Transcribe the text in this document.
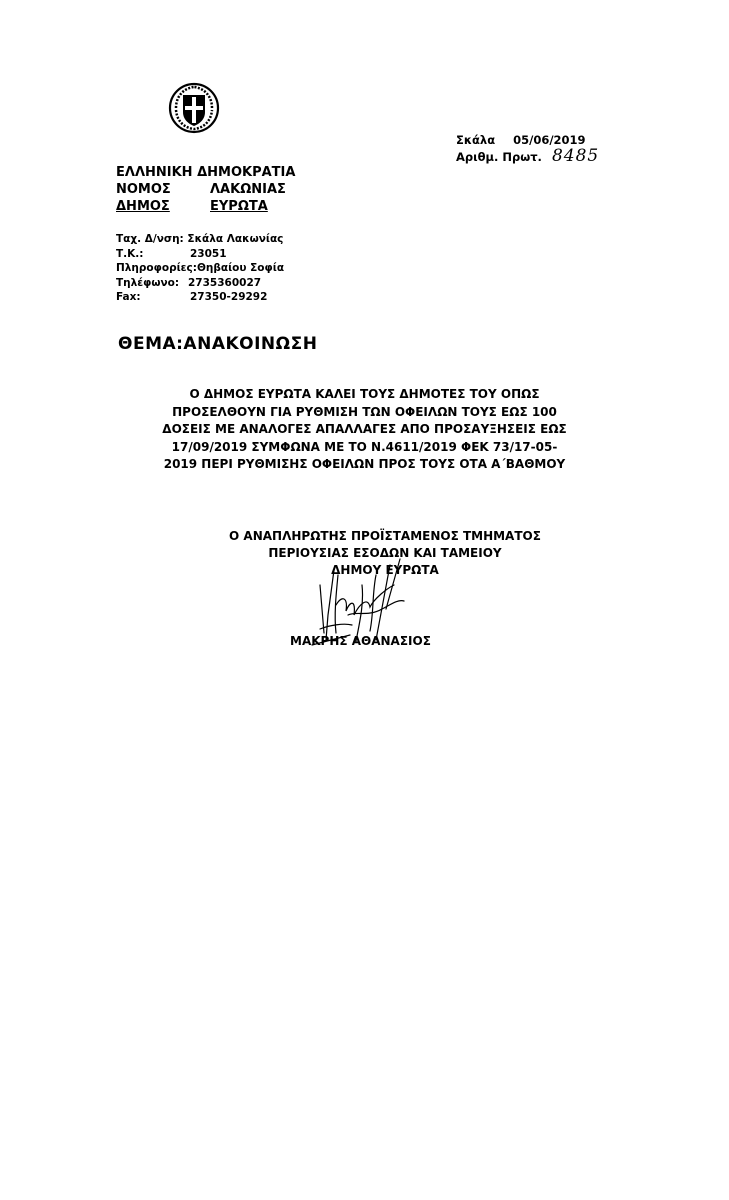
Σκάλα 05/06/2019
Αριθμ. Πρωτ. 8485
ΕΛΛΗΝΙΚΗ ΔΗΜΟΚΡΑΤΙΑ
ΝΟΜΟΣ	ΛΑΚΩΝΙΑΣ
ΔΗΜΟΣ	ΕΥΡΩΤΑ
Ταχ. Δ/νση: Σκάλα Λακωνίας
Τ.Κ.:	23051
Πληροφορίες:Θηβαίου Σοφία
Τηλέφωνο: 2735360027
Fax:	27350-29292
ΘΕΜΑ:ΑΝΑΚΟΙΝΩΣΗ
Ο ΔΗΜΟΣ ΕΥΡΩΤΑ ΚΑΛΕΙ ΤΟΥΣ ΔΗΜΟΤΕΣ ΤΟΥ ΟΠΩΣ
ΠΡΟΣΕΛΘΟΥΝ ΓΙΑ ΡΥΘΜΙΣΗ ΤΩΝ ΟΦΕΙΛΩΝ ΤΟΥΣ ΕΩΣ 100
ΔΟΣΕΙΣ ΜΕ ΑΝΑΛΟΓΕΣ ΑΠΑΛΛΑΓΕΣ ΑΠΟ ΠΡΟΣΑΥΞΗΣΕΙΣ ΕΩΣ
17/09/2019 ΣΥΜΦΩΝΑ ΜΕ ΤΟ Ν.4611/2019 ΦΕΚ 73/17-05-
2019 ΠΕΡΙ ΡΥΘΜΙΣΗΣ ΟΦΕΙΛΩΝ ΠΡΟΣ ΤΟΥΣ ΟΤΑ Α΄ΒΑΘΜΟΥ
Ο ΑΝΑΠΛΗΡΩΤΗΣ ΠΡΟΪΣΤΑΜΕΝΟΣ ΤΜΗΜΑΤΟΣ
ΠΕΡΙΟΥΣΙΑΣ ΕΣΟΔΩΝ ΚΑΙ ΤΑΜΕΙΟΥ
ΔΗΜΟΥ ΕΥΡΩΤΑ
ΜΑΚΡΗΣ ΑΘΑΝΑΣΙΟΣ
